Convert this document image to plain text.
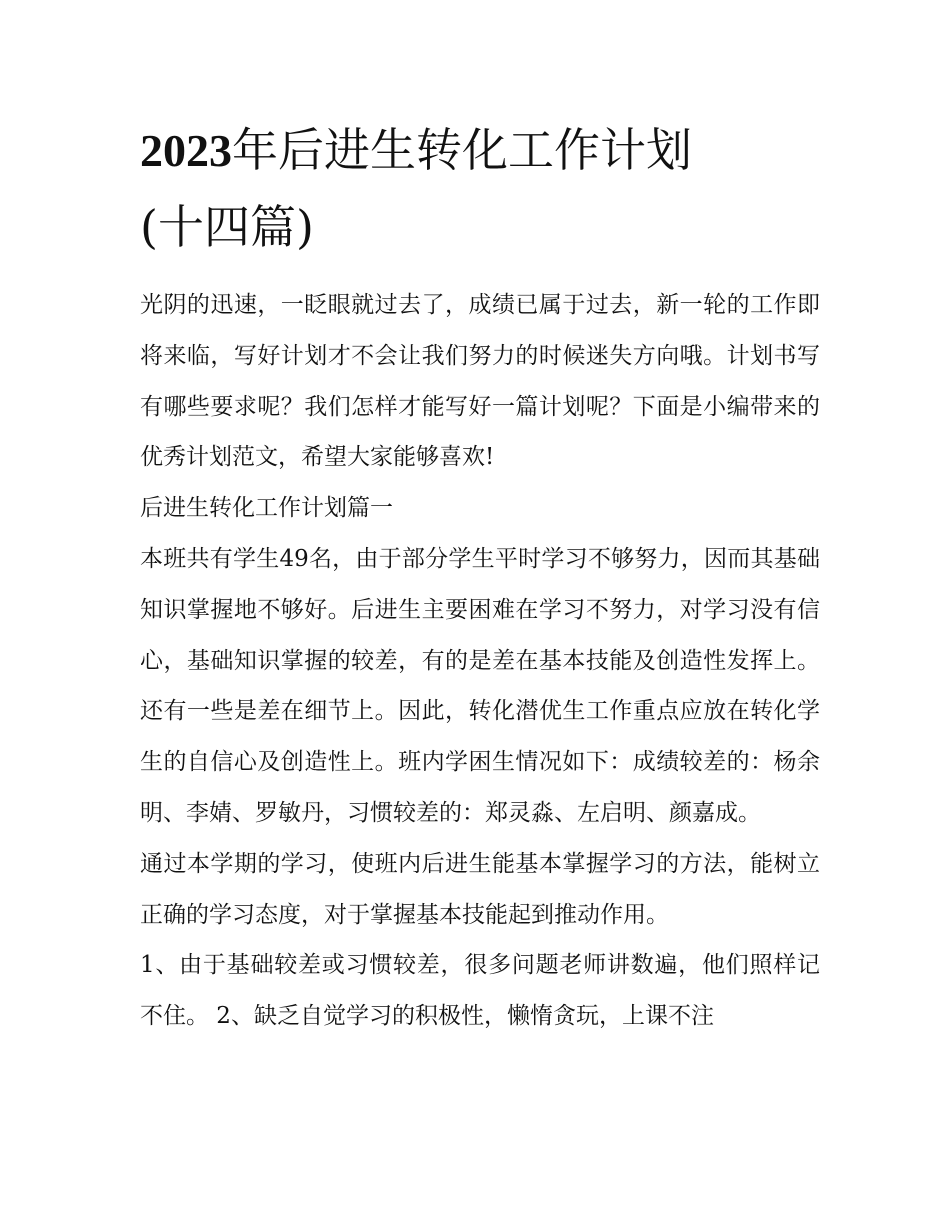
2023年后进生转化工作计划
(十四篇)

光阴的迅速，一眨眼就过去了，成绩已属于过去，新一轮的工作即将来临，写好计划才不会让我们努力的时候迷失方向哦。计划书写有哪些要求呢？我们怎样才能写好一篇计划呢？下面是小编带来的优秀计划范文，希望大家能够喜欢!

后进生转化工作计划篇一

本班共有学生49名，由于部分学生平时学习不够努力，因而其基础知识掌握地不够好。后进生主要困难在学习不努力，对学习没有信心，基础知识掌握的较差，有的是差在基本技能及创造性发挥上。还有一些是差在细节上。因此，转化潜优生工作重点应放在转化学生的自信心及创造性上。班内学困生情况如下：成绩较差的：杨余明、李婧、罗敏丹，习惯较差的：郑灵淼、左启明、颜嘉成。

通过本学期的学习，使班内后进生能基本掌握学习的方法，能树立正确的学习态度，对于掌握基本技能起到推动作用。

1、由于基础较差或习惯较差，很多问题老师讲数遍，他们照样记不住。 2、缺乏自觉学习的积极性，懒惰贪玩，上课不注
